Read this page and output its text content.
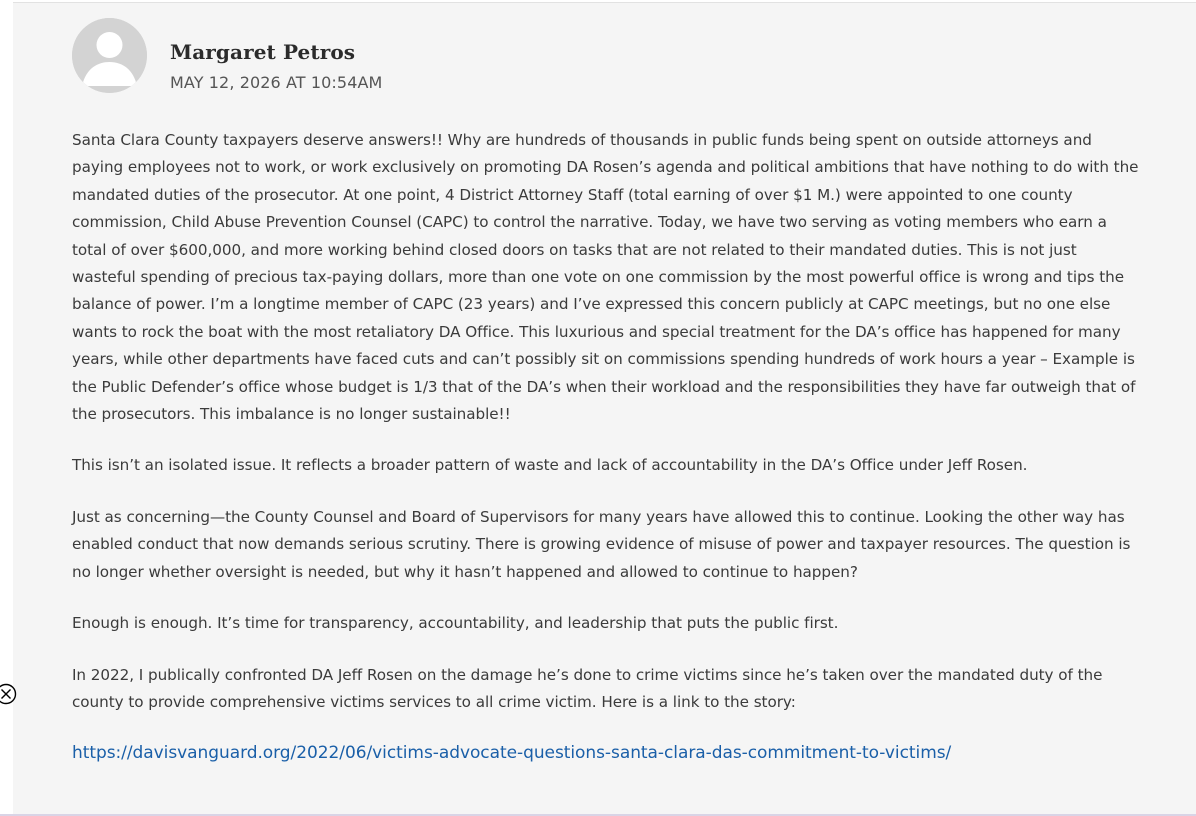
Margaret Petros
MAY 12, 2026 AT 10:54AM

Santa Clara County taxpayers deserve answers!! Why are hundreds of thousands in public funds being spent on outside attorneys and paying employees not to work, or work exclusively on promoting DA Rosen’s agenda and political ambitions that have nothing to do with the mandated duties of the prosecutor. At one point, 4 District Attorney Staff (total earning of over $1 M.) were appointed to one county commission, Child Abuse Prevention Counsel (CAPC) to control the narrative. Today, we have two serving as voting members who earn a total of over $600,000, and more working behind closed doors on tasks that are not related to their mandated duties. This is not just wasteful spending of precious tax-paying dollars, more than one vote on one commission by the most powerful office is wrong and tips the balance of power. I’m a longtime member of CAPC (23 years) and I’ve expressed this concern publicly at CAPC meetings, but no one else wants to rock the boat with the most retaliatory DA Office. This luxurious and special treatment for the DA’s office has happened for many years, while other departments have faced cuts and can’t possibly sit on commissions spending hundreds of work hours a year – Example is the Public Defender’s office whose budget is 1/3 that of the DA’s when their workload and the responsibilities they have far outweigh that of the prosecutors. This imbalance is no longer sustainable!!

This isn’t an isolated issue. It reflects a broader pattern of waste and lack of accountability in the DA’s Office under Jeff Rosen.

Just as concerning—the County Counsel and Board of Supervisors for many years have allowed this to continue. Looking the other way has enabled conduct that now demands serious scrutiny. There is growing evidence of misuse of power and taxpayer resources. The question is no longer whether oversight is needed, but why it hasn’t happened and allowed to continue to happen?

Enough is enough. It’s time for transparency, accountability, and leadership that puts the public first.

In 2022, I publically confronted DA Jeff Rosen on the damage he’s done to crime victims since he’s taken over the mandated duty of the county to provide comprehensive victims services to all crime victim. Here is a link to the story:

https://davisvanguard.org/2022/06/victims-advocate-questions-santa-clara-das-commitment-to-victims/
